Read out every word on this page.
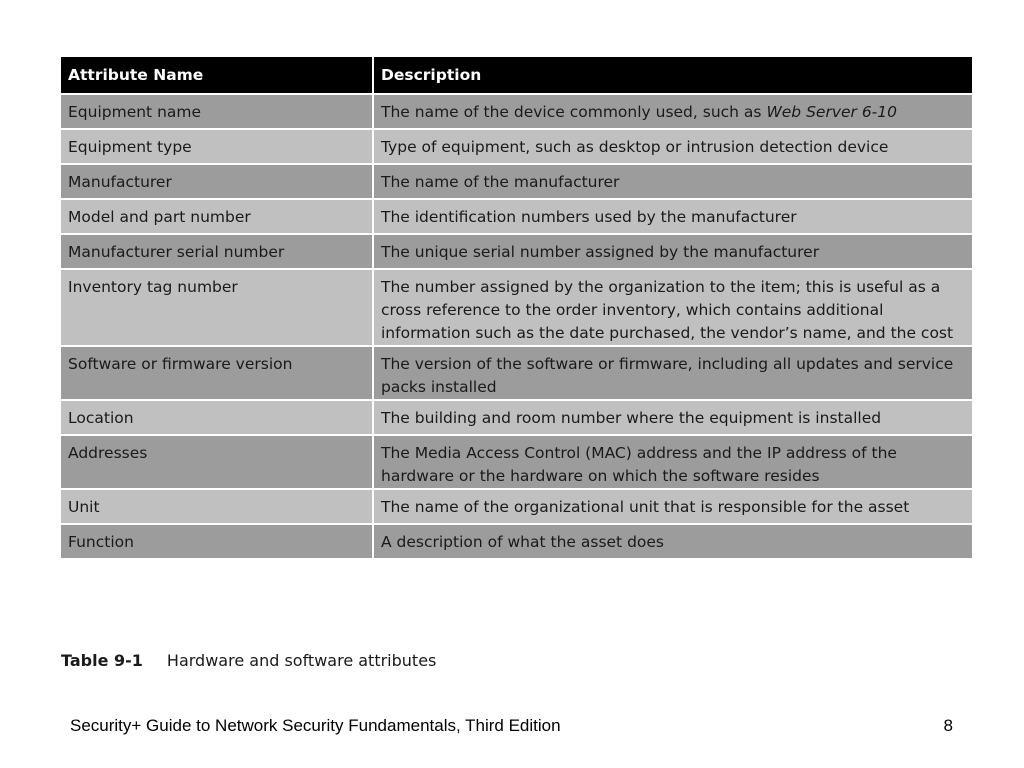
Attribute Name	Description
Equipment name	The name of the device commonly used, such as Web Server 6-10
Equipment type	Type of equipment, such as desktop or intrusion detection device
Manufacturer	The name of the manufacturer
Model and part number	The identification numbers used by the manufacturer
Manufacturer serial number	The unique serial number assigned by the manufacturer
Inventory tag number	The number assigned by the organization to the item; this is useful as a cross reference to the order inventory, which contains additional information such as the date purchased, the vendor’s name, and the cost
Software or firmware version	The version of the software or firmware, including all updates and service packs installed
Location	The building and room number where the equipment is installed
Addresses	The Media Access Control (MAC) address and the IP address of the hardware or the hardware on which the software resides
Unit	The name of the organizational unit that is responsible for the asset
Function	A description of what the asset does
Table 9-1 Hardware and software attributes
Security+ Guide to Network Security Fundamentals, Third Edition	8
